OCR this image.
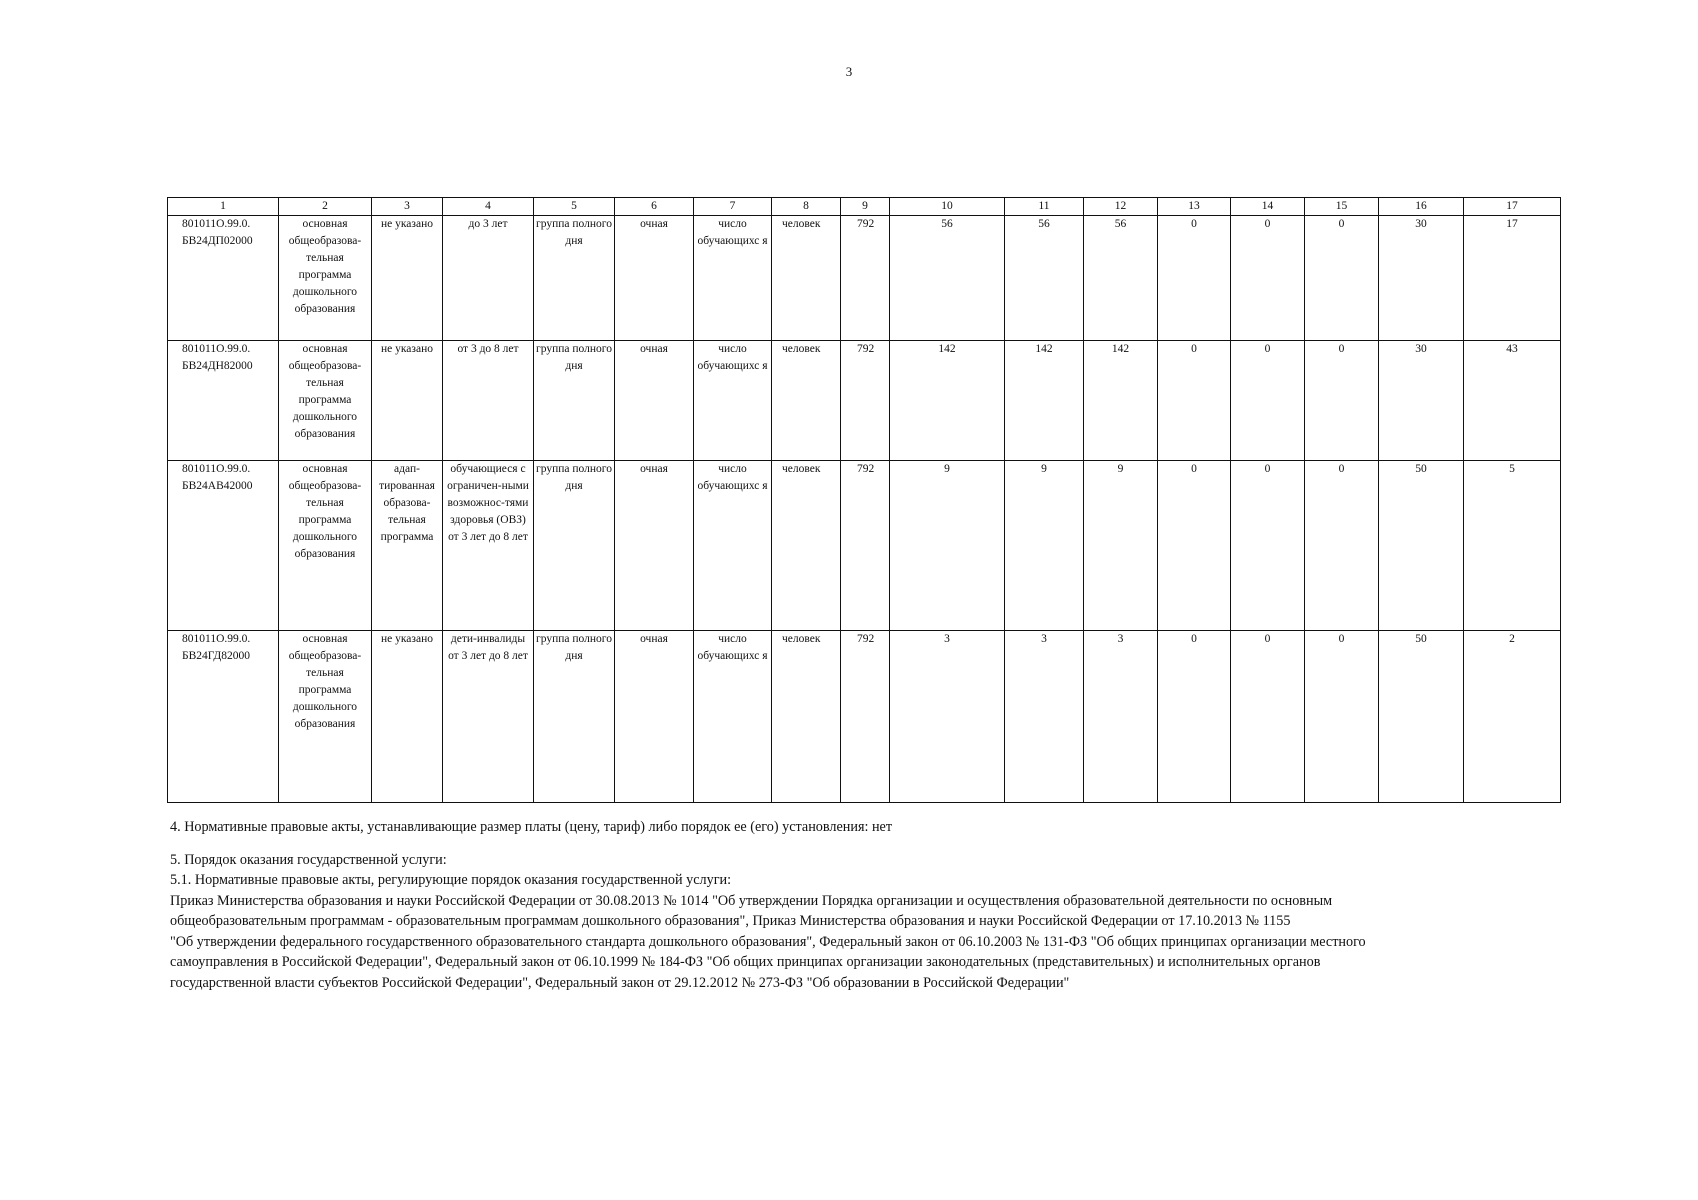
3
1	2	3	4	5	6	7	8	9	10	11	12	13	14	15	16	17
801011О.99.0.
БВ24ДП02000	основная общеобразова-тельная программа дошкольного образования	не указано	до 3 лет	группа полного дня	очная	число обучающихс я	человек	792	56	56	56	0	0	0	30	17
801011О.99.0.
БВ24ДН82000	основная общеобразова-тельная программа дошкольного образования	не указано	от 3 до 8 лет	группа полного дня	очная	число обучающихс я	человек	792	142	142	142	0	0	0	30	43
801011О.99.0.
БВ24АВ42000	основная общеобразова-тельная программа дошкольного образования	адап-тированная образова-тельная программа	обучающиеся с ограничен-ными возможнос-тями здоровья (ОВЗ) от 3 лет до 8 лет	группа полного дня	очная	число обучающихс я	человек	792	9	9	9	0	0	0	50	5
801011О.99.0.
БВ24ГД82000	основная общеобразова-тельная программа дошкольного образования	не указано	дети-инвалиды от 3 лет до 8 лет	группа полного дня	очная	число обучающихс я	человек	792	3	3	3	0	0	0	50	2

4. Нормативные правовые акты, устанавливающие размер платы (цену, тариф) либо порядок ее (его) установления: нет

5. Порядок оказания государственной услуги:

5.1. Нормативные правовые акты, регулирующие порядок оказания государственной услуги:

Приказ Министерства образования и науки Российской Федерации от 30.08.2013 № 1014 "Об утверждении Порядка организации и осуществления образовательной деятельности по основным

общеобразовательным программам - образовательным программам дошкольного образования", Приказ Министерства образования и науки Российской Федерации от 17.10.2013 № 1155

"Об утверждении федерального государственного образовательного стандарта дошкольного образования", Федеральный закон от 06.10.2003 № 131-ФЗ "Об общих принципах организации местного

самоуправления в Российской Федерации", Федеральный закон от 06.10.1999 № 184-ФЗ "Об общих принципах организации законодательных (представительных) и исполнительных органов

государственной власти субъектов Российской Федерации", Федеральный закон от 29.12.2012 № 273-ФЗ "Об образовании в Российской Федерации"
